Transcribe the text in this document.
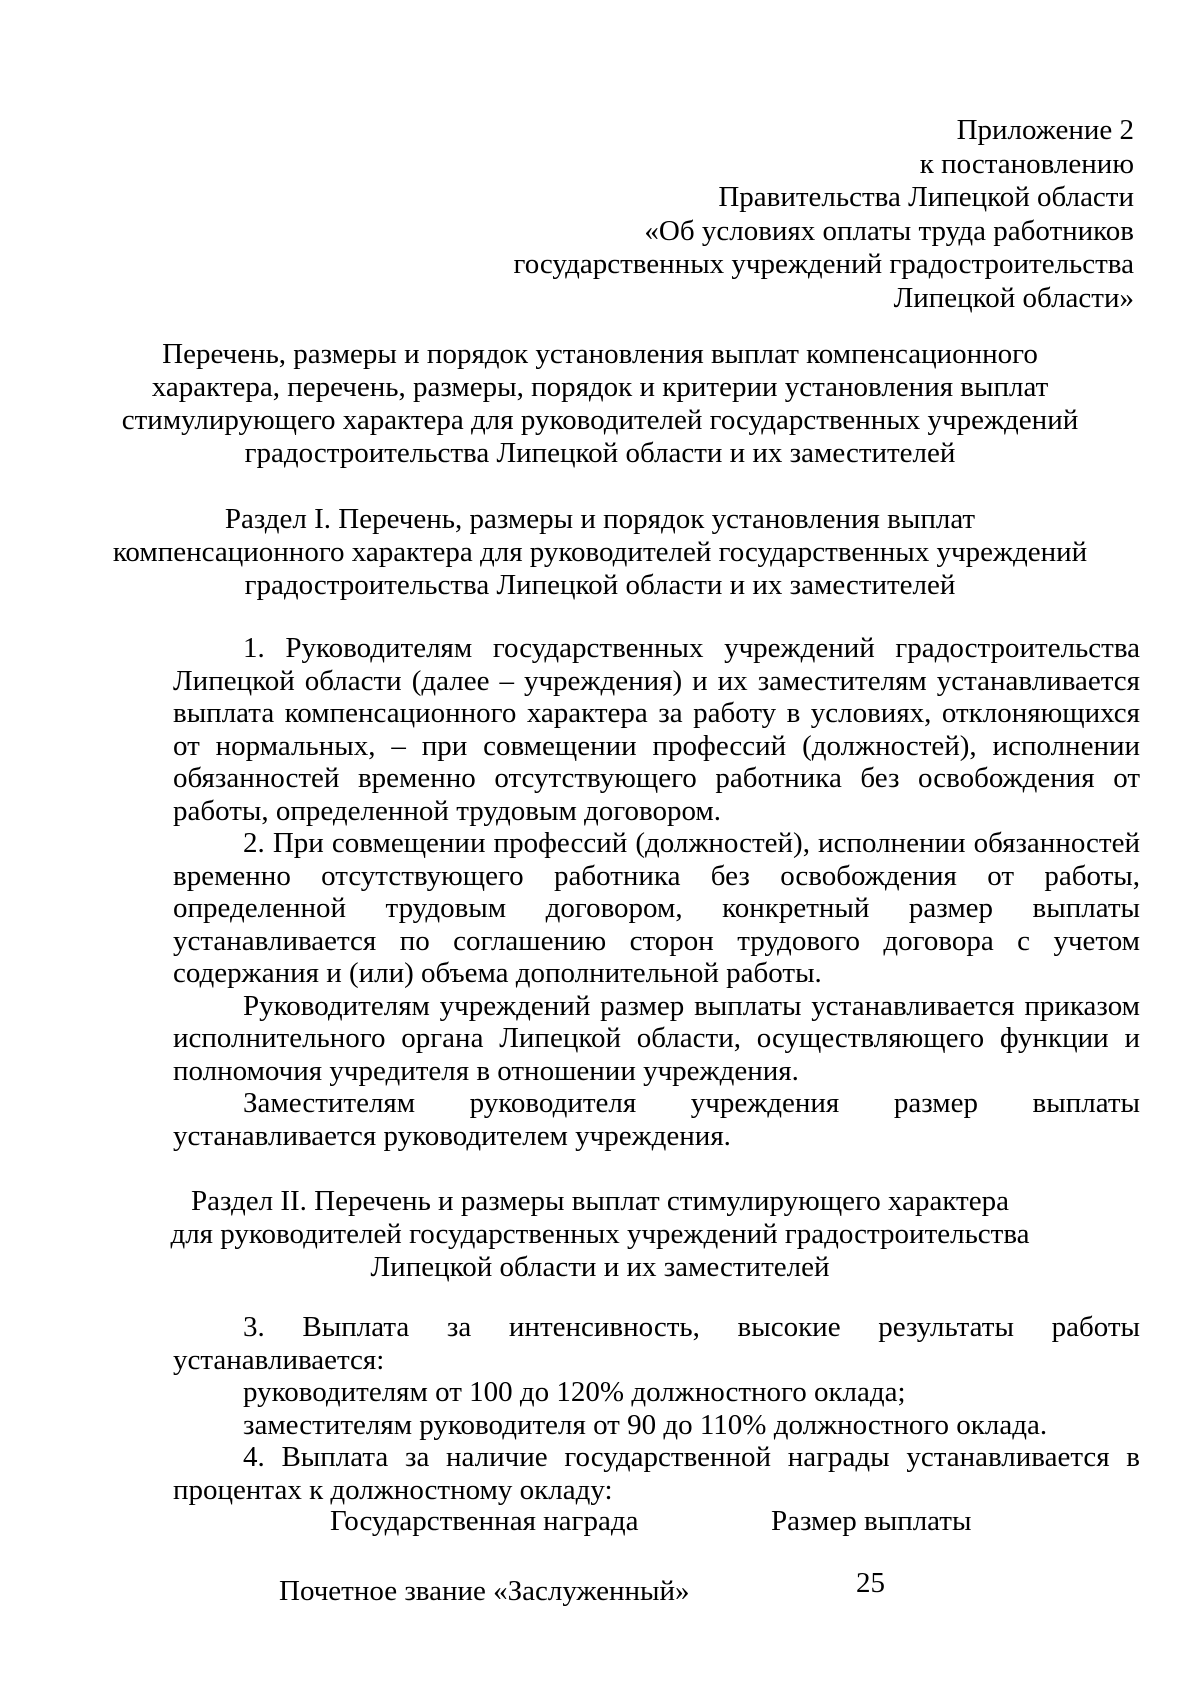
Приложение 2
к постановлению
Правительства Липецкой области
«Об условиях оплаты труда работников
государственных учреждений градостроительства
Липецкой области»
Перечень, размеры и порядок установления выплат компенсационного
характера, перечень, размеры, порядок и критерии установления выплат
стимулирующего характера для руководителей государственных учреждений
градостроительства Липецкой области и их заместителей
Раздел I. Перечень, размеры и порядок установления выплат
компенсационного характера для руководителей государственных учреждений
градостроительства Липецкой области и их заместителей

1. Руководителям государственных учреждений градостроительства Липецкой области (далее – учреждения) и их заместителям устанавливается выплата компенсационного характера за работу в условиях, отклоняющихся от нормальных, – при совмещении профессий (должностей), исполнении обязанностей временно отсутствующего работника без освобождения от работы, определенной трудовым договором.

2. При совмещении профессий (должностей), исполнении обязанностей временно отсутствующего работника без освобождения от работы, определенной трудовым договором, конкретный размер выплаты устанавливается по соглашению сторон трудового договора с учетом содержания и (или) объема дополнительной работы.

Руководителям учреждений размер выплаты устанавливается приказом исполнительного органа Липецкой области, осуществляющего функции и полномочия учредителя в отношении учреждения.

Заместителям руководителя учреждения размер выплаты устанавливается руководителем учреждения.

Раздел II. Перечень и размеры выплат стимулирующего характера
для руководителей государственных учреждений градостроительства
Липецкой области и их заместителей

3. Выплата за интенсивность, высокие результаты работы устанавливается:

руководителям от 100 до 120% должностного оклада;

заместителям руководителя от 90 до 110% должностного оклада.

4. Выплата за наличие государственной награды устанавливается в процентах к должностному окладу:

Государственная награда	Размер выплаты
Почетное звание «Заслуженный»	25
